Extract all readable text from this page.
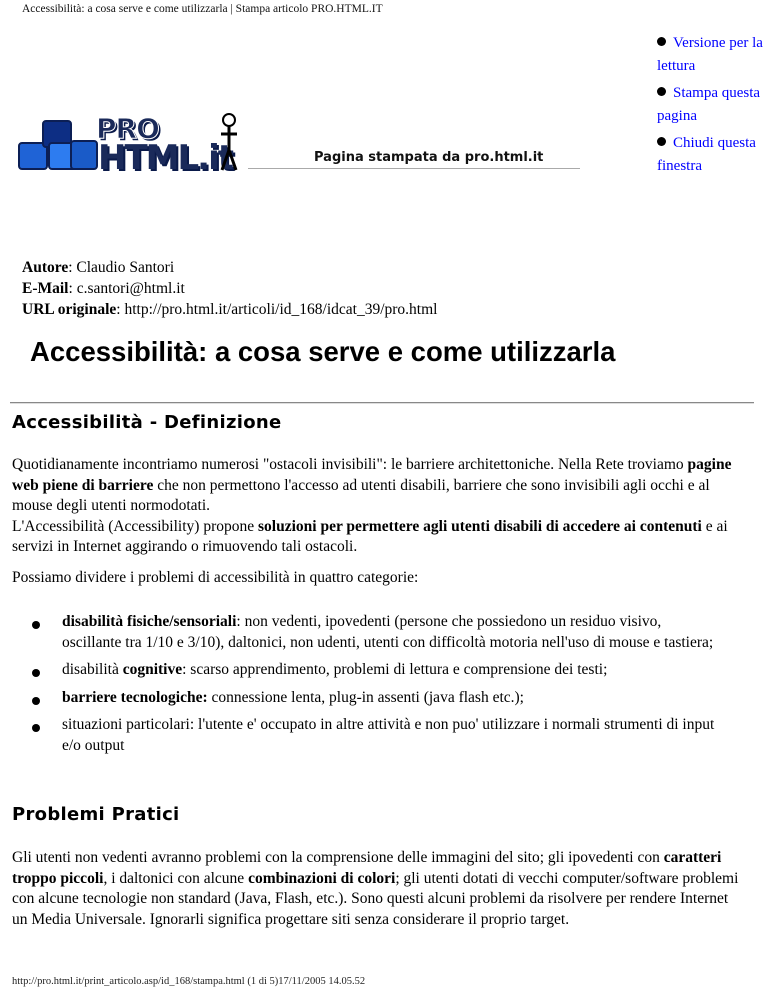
Accessibilità: a cosa serve e come utilizzarla | Stampa articolo PRO.HTML.IT
PRO
HTML.it	Pagina stampata da pro.html.it
Versione per la lettura
Stampa questa pagina
Chiudi questa finestra
Autore: Claudio Santori
E-Mail: c.santori@html.it
URL originale: http://pro.html.it/articoli/id_168/idcat_39/pro.html
Accessibilità: a cosa serve e come utilizzarla
Accessibilità - Definizione

Quotidianamente incontriamo numerosi "ostacoli invisibili": le barriere architettoniche. Nella Rete troviamo pagine web piene di barriere che non permettono l'accesso ad utenti disabili, barriere che sono invisibili agli occhi e al mouse degli utenti normodotati.
L'Accessibilità (Accessibility) propone soluzioni per permettere agli utenti disabili di accedere ai contenuti e ai servizi in Internet aggirando o rimuovendo tali ostacoli.

Possiamo dividere i problemi di accessibilità in quattro categorie:

disabilità fisiche/sensoriali: non vedenti, ipovedenti (persone che possiedono un residuo visivo, oscillante tra 1/10 e 3/10), daltonici, non udenti, utenti con difficoltà motoria nell'uso di mouse e tastiera;
disabilità cognitive: scarso apprendimento, problemi di lettura e comprensione dei testi;
barriere tecnologiche: connessione lenta, plug-in assenti (java flash etc.);
situazioni particolari: l'utente e' occupato in altre attività e non puo' utilizzare i normali strumenti di input e/o output
Problemi Pratici

Gli utenti non vedenti avranno problemi con la comprensione delle immagini del sito; gli ipovedenti con caratteri troppo piccoli, i daltonici con alcune combinazioni di colori; gli utenti dotati di vecchi computer/software problemi con alcune tecnologie non standard (Java, Flash, etc.). Sono questi alcuni problemi da risolvere per rendere Internet un Media Universale. Ignorarli significa progettare siti senza considerare il proprio target.

http://pro.html.it/print_articolo.asp/id_168/stampa.html (1 di 5)17/11/2005 14.05.52
